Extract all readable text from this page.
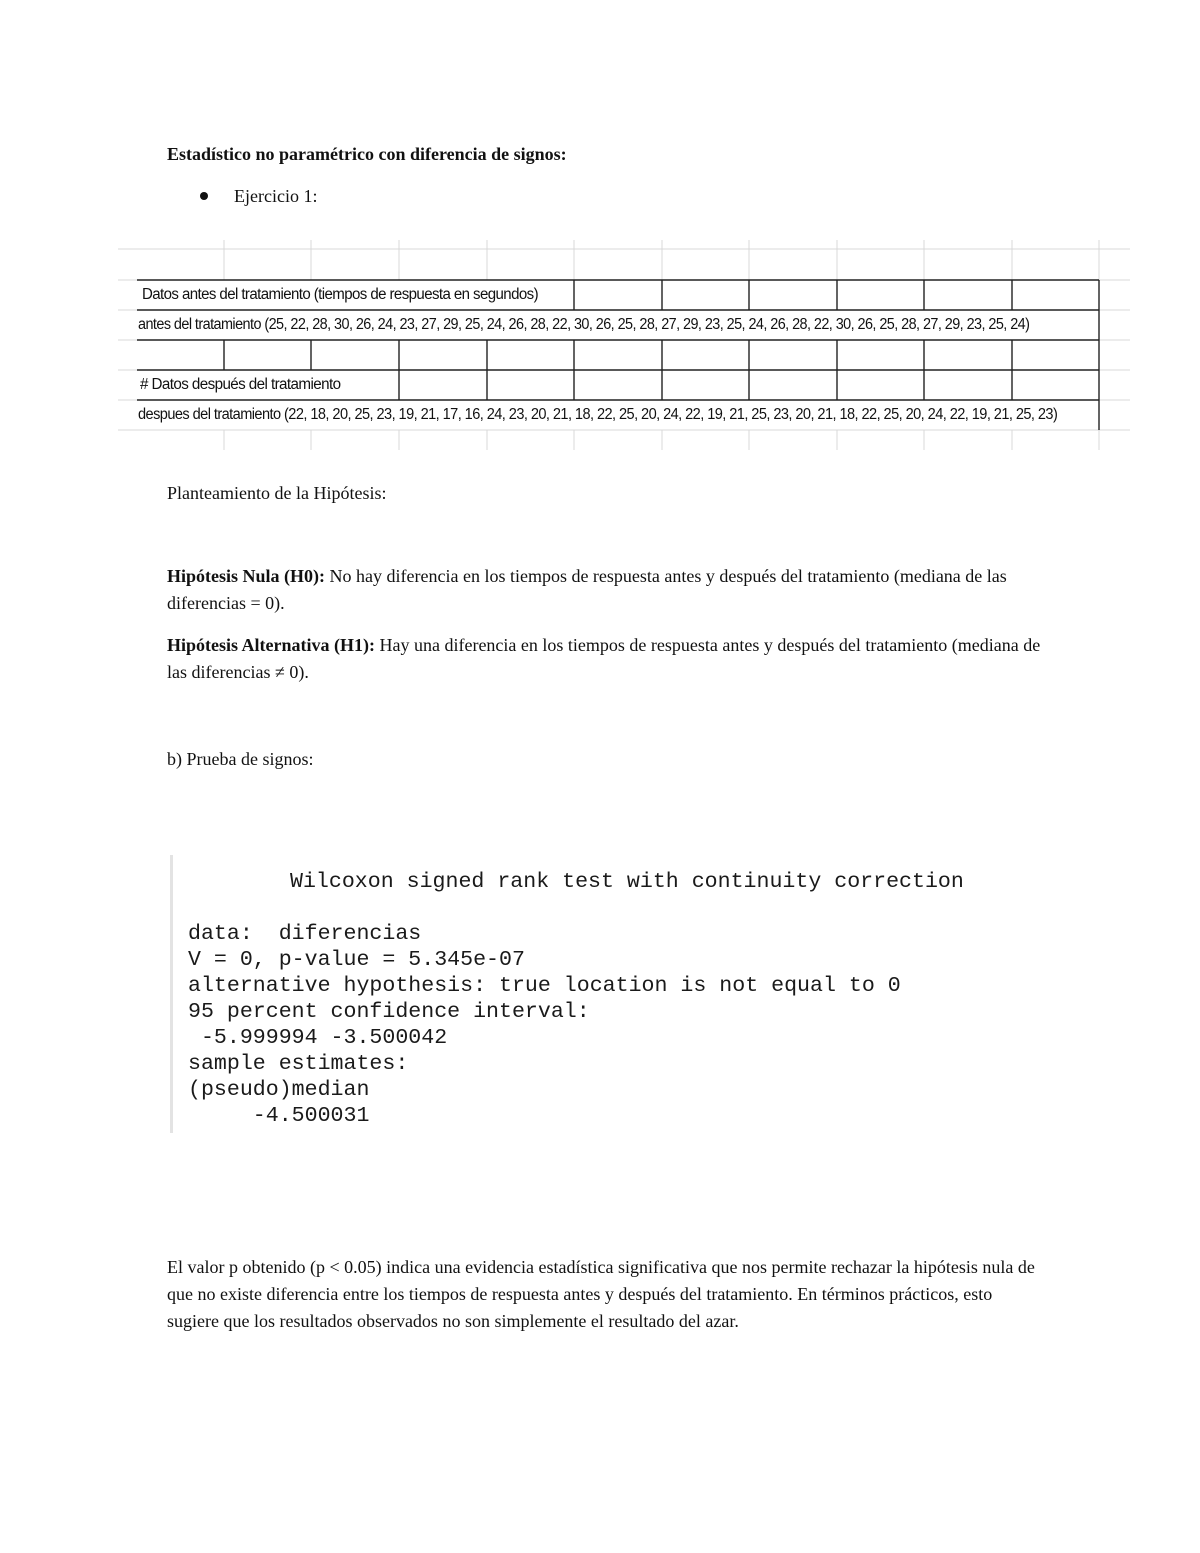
Estadístico no paramétrico con diferencia de signos:
Ejercicio 1:
Datos antes del tratamiento (tiempos de respuesta en segundos)
antes del tratamiento (25, 22, 28, 30, 26, 24, 23, 27, 29, 25, 24, 26, 28, 22, 30, 26, 25, 28, 27, 29, 23, 25, 24, 26, 28, 22, 30, 26, 25, 28, 27, 29, 23, 25, 24)
# Datos después del tratamiento
despues del tratamiento (22, 18, 20, 25, 23, 19, 21, 17, 16, 24, 23, 20, 21, 18, 22, 25, 20, 24, 22, 19, 21, 25, 23, 20, 21, 18, 22, 25, 20, 24, 22, 19, 21, 25, 23)
Planteamiento de la Hipótesis:
Hipótesis Nula (H0): No hay diferencia en los tiempos de respuesta antes y después del tratamiento (mediana de las diferencias = 0).
Hipótesis Alternativa (H1): Hay una diferencia en los tiempos de respuesta antes y después del tratamiento (mediana de las diferencias ≠ 0).
b) Prueba de signos:
Wilcoxon signed rank test with continuity correction
data:  diferencias
V = 0, p-value = 5.345e-07
alternative hypothesis: true location is not equal to 0
95 percent confidence interval:
-5.999994 -3.500042
sample estimates:
(pseudo)median
-4.500031
El valor p obtenido (p < 0.05) indica una evidencia estadística significativa que nos permite rechazar la hipótesis nula de que no existe diferencia entre los tiempos de respuesta antes y después del tratamiento. En términos prácticos, esto sugiere que los resultados observados no son simplemente el resultado del azar.
